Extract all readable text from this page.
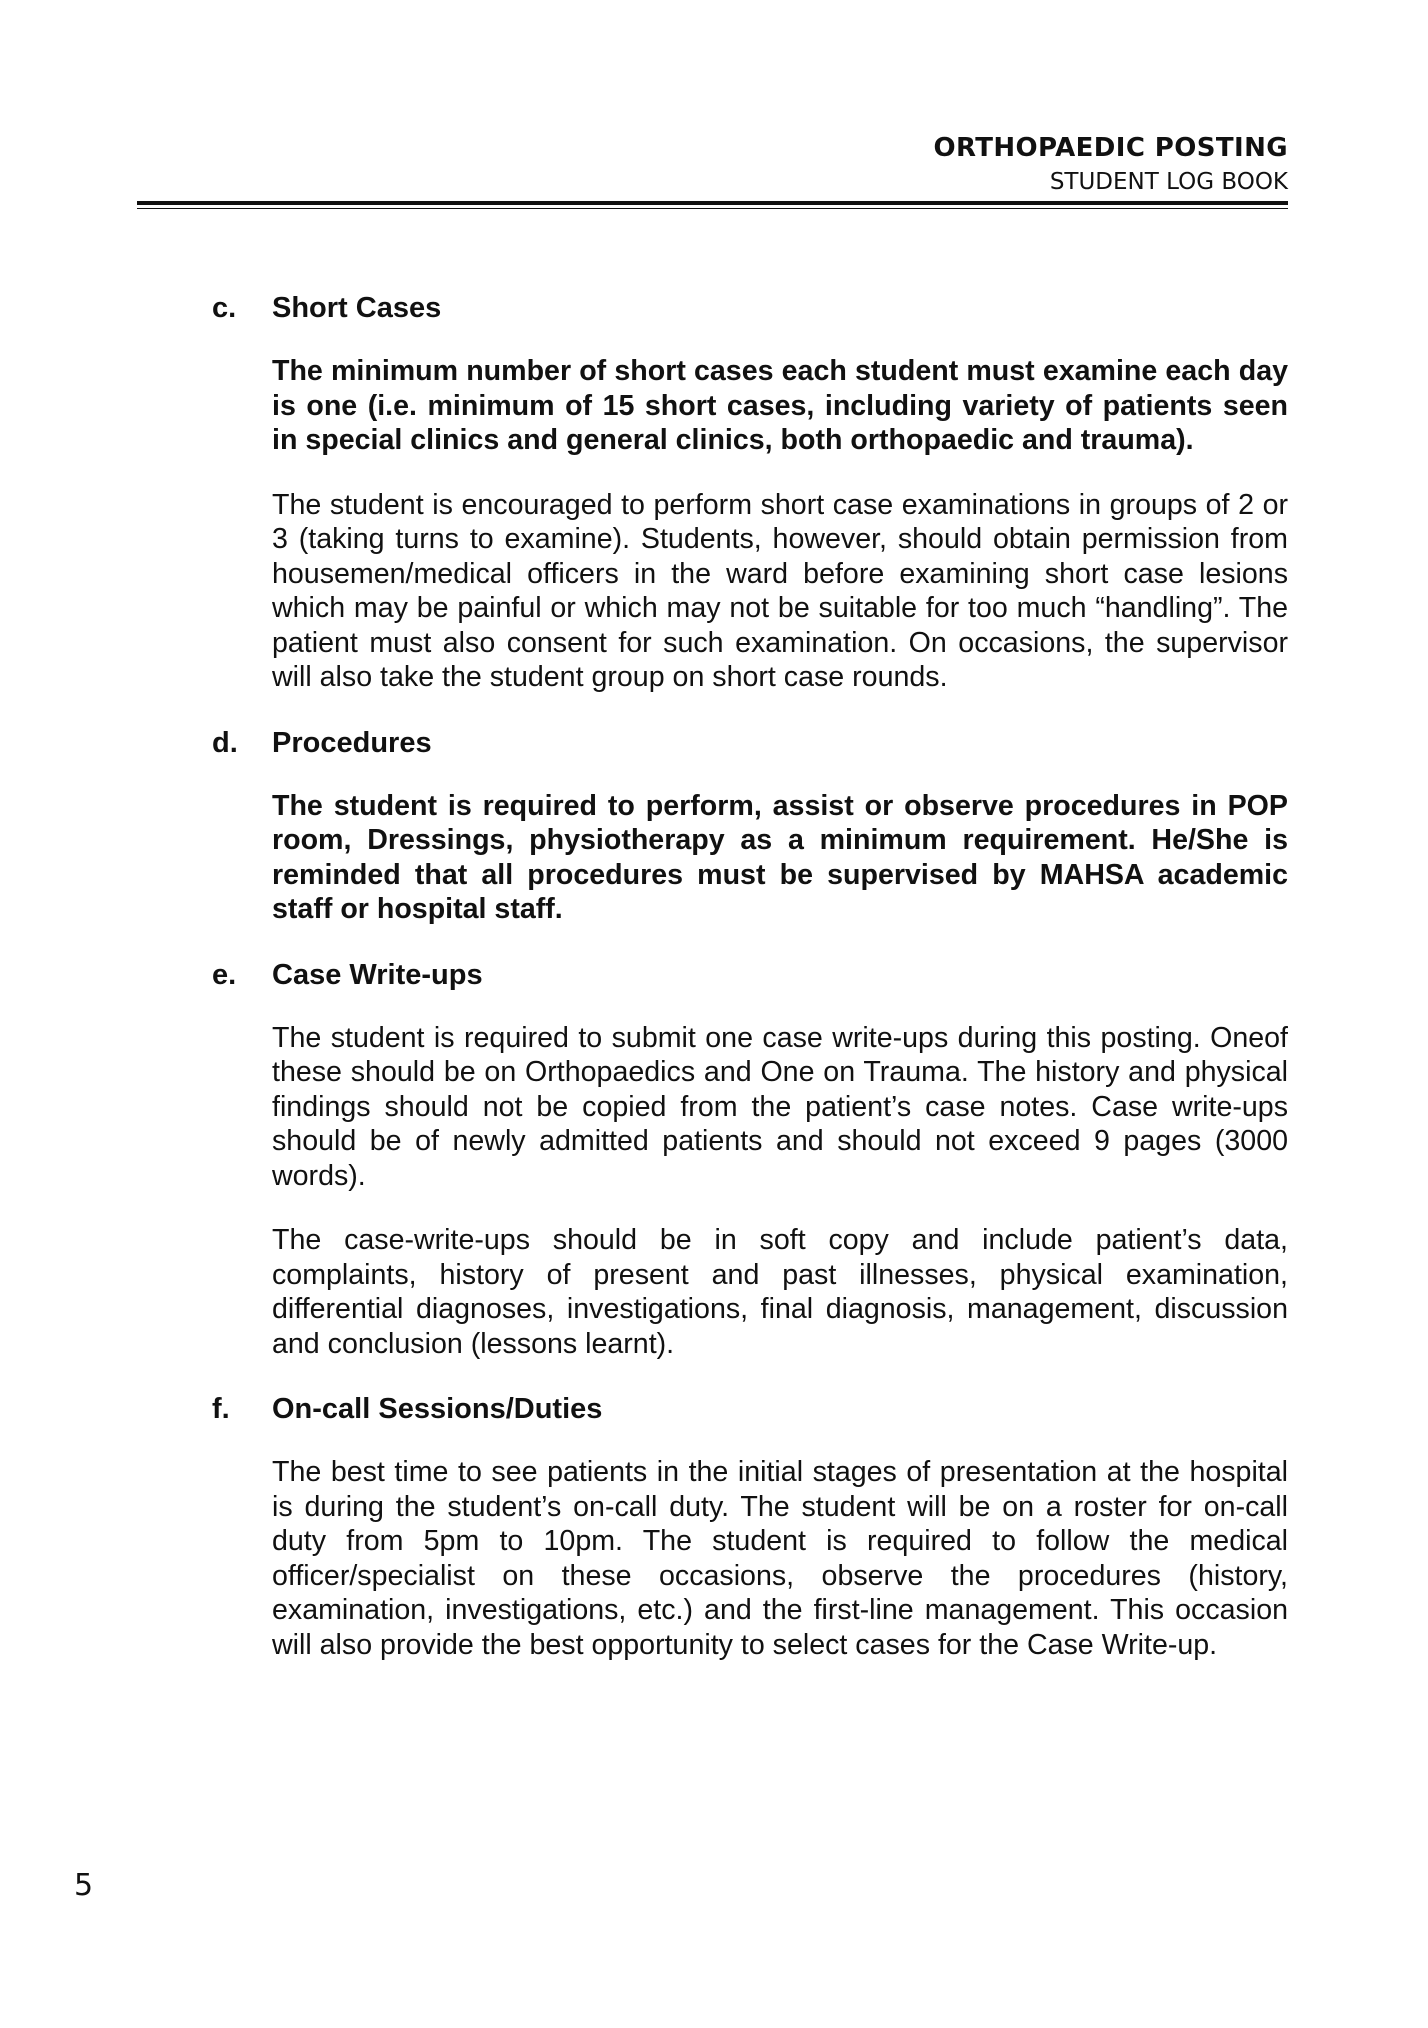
ORTHOPAEDIC POSTING
STUDENT LOG BOOK
c.	Short Cases

The minimum number of short cases each student must examine each day is one (i.e. minimum of 15 short cases, including variety of patients seen in special clinics and general clinics, both orthopaedic and trauma).

The student is encouraged to perform short case examinations in groups of 2 or 3 (taking turns to examine). Students, however, should obtain permission from housemen/medical officers in the ward before examining short case lesions which may be painful or which may not be suitable for too much “handling”. The patient must also consent for such examination. On occasions, the supervisor will also take the student group on short case rounds.

d.	Procedures

The student is required to perform, assist or observe procedures in POP room, Dressings, physiotherapy as a minimum requirement. He/She is reminded that all procedures must be supervised by MAHSA academic staff or hospital staff.

e.	Case Write-ups

The student is required to submit one case write-ups during this posting. Oneof these should be on Orthopaedics and One on Trauma. The history and physical findings should not be copied from the patient’s case notes. Case write-ups should be of newly admitted patients and should not exceed 9 pages (3000 words).

The case-write-ups should be in soft copy and include patient’s data, complaints, history of present and past illnesses, physical examination, differential diagnoses, investigations, final diagnosis, management, discussion and conclusion (lessons learnt).

f.	On-call Sessions/Duties

The best time to see patients in the initial stages of presentation at the hospital is during the student’s on-call duty. The student will be on a roster for on-call duty from 5pm to 10pm. The student is required to follow the medical officer/specialist on these occasions, observe the procedures (history, examination, investigations, etc.) and the first-line management. This occasion will also provide the best opportunity to select cases for the Case Write-up.

5
